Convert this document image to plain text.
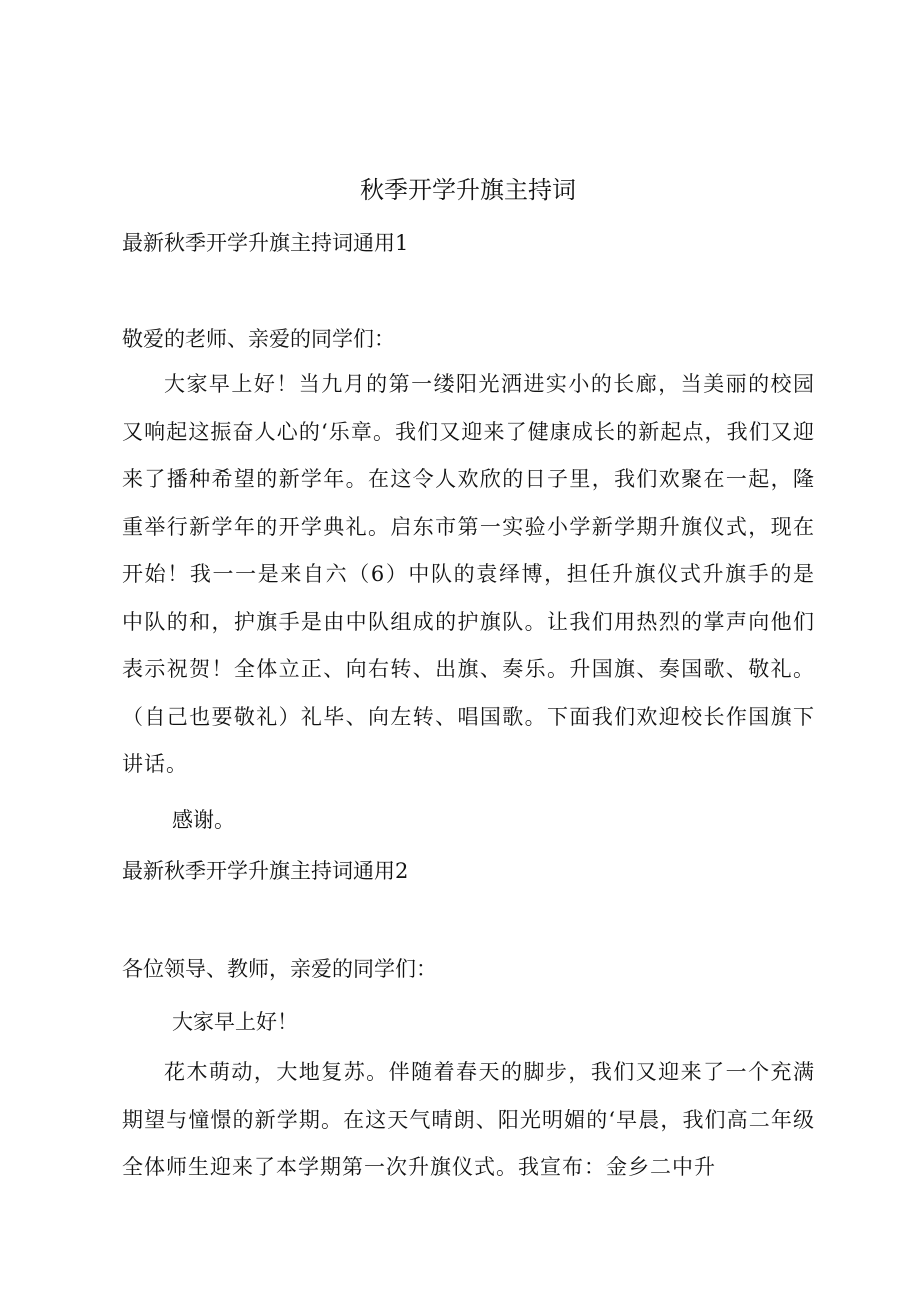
秋季开学升旗主持词

最新秋季开学升旗主持词通用1

敬爱的老师、亲爱的同学们：

大家早上好！当九月的第一缕阳光洒进实小的长廊，当美丽的校园又响起这振奋人心的‘乐章。我们又迎来了健康成长的新起点，我们又迎来了播种希望的新学年。在这令人欢欣的日子里，我们欢聚在一起，隆重举行新学年的开学典礼。启东市第一实验小学新学期升旗仪式，现在开始！我一一是来自六（6）中队的袁绎博，担任升旗仪式升旗手的是中队的和，护旗手是由中队组成的护旗队。让我们用热烈的掌声向他们表示祝贺！全体立正、向右转、出旗、奏乐。升国旗、奏国歌、敬礼。（自己也要敬礼）礼毕、向左转、唱国歌。下面我们欢迎校长作国旗下讲话。

感谢。

最新秋季开学升旗主持词通用2

各位领导、教师，亲爱的同学们：

大家早上好！

花木萌动，大地复苏。伴随着春天的脚步，我们又迎来了一个充满期望与憧憬的新学期。在这天气晴朗、阳光明媚的‘早晨，我们高二年级全体师生迎来了本学期第一次升旗仪式。我宣布：金乡二中升
